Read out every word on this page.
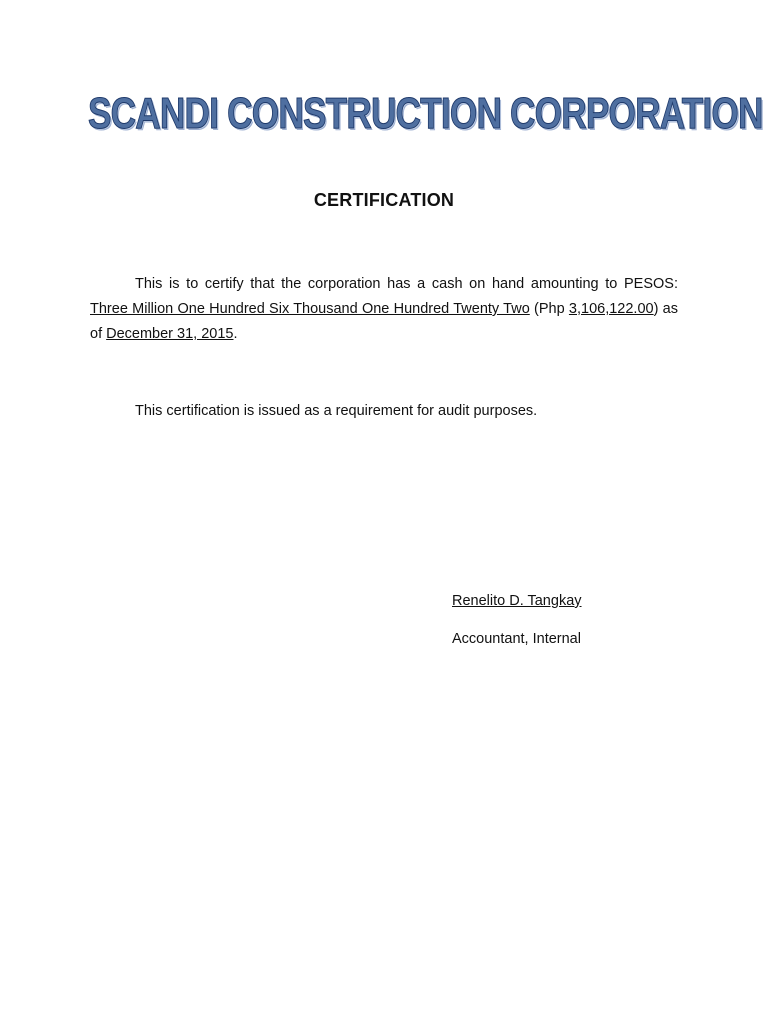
SCANDI CONSTRUCTION CORPORATION
CERTIFICATION
This is to certify that the corporation has a cash on hand amounting to PESOS: Three Million One Hundred Six Thousand One Hundred Twenty Two (Php 3,106,122.00) as of December 31, 2015.
This certification is issued as a requirement for audit purposes.
Renelito D. Tangkay
Accountant, Internal
